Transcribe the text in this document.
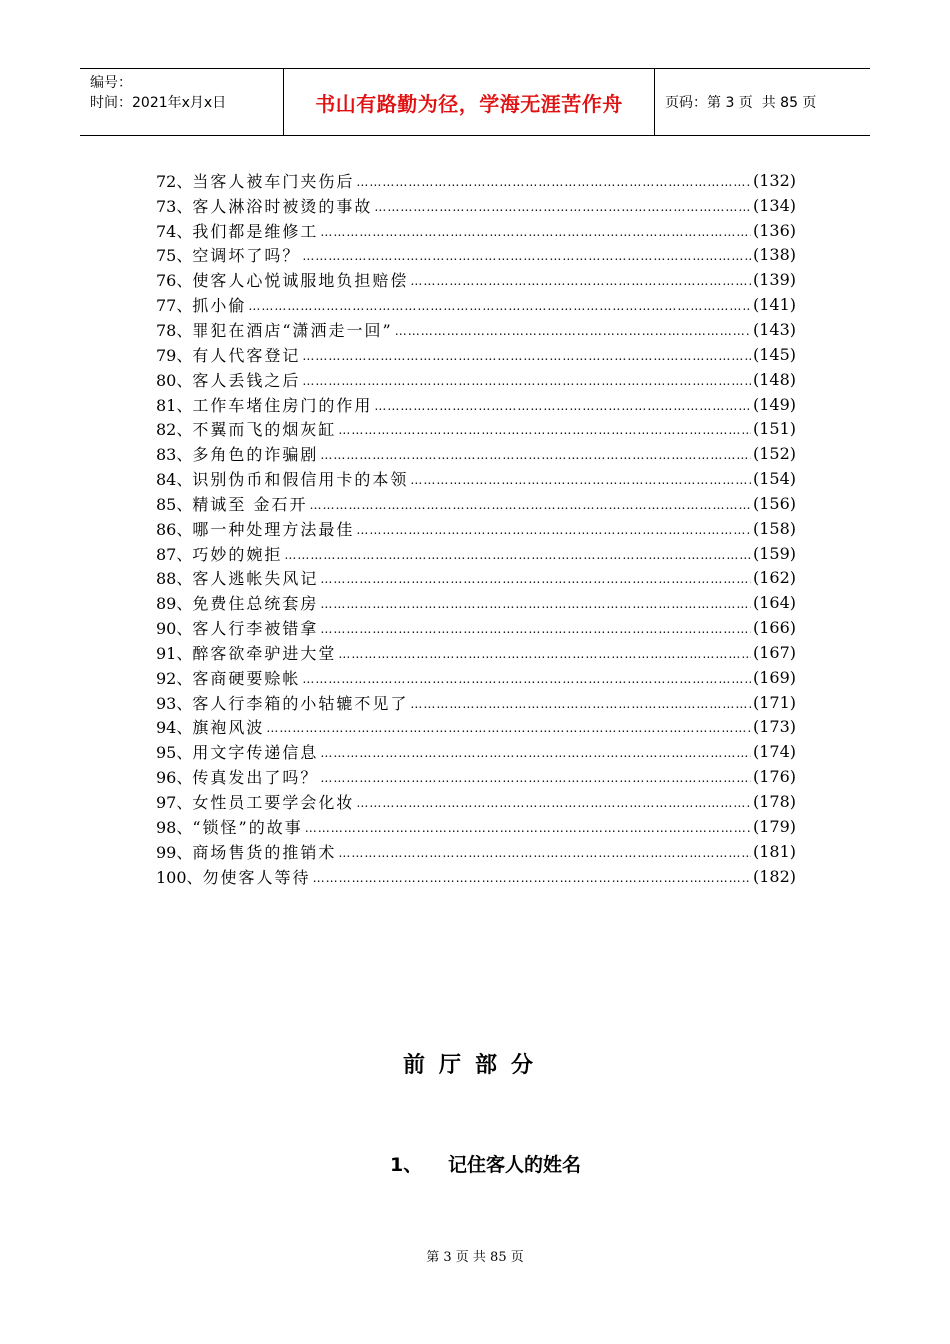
编号：
时间：2021年x月x日	书山有路勤为径，学海无涯苦作舟	页码：第 3 页  共 85 页
72、 当客人被车门夹伤后 …………………………………………………………………………………………………………………………………………………………………	(132)
73、 客人淋浴时被烫的事故 …………………………………………………………………………………………………………………………………………………………………	(134)
74、 我们都是维修工 …………………………………………………………………………………………………………………………………………………………………	(136)
75、 空调坏了吗？ …………………………………………………………………………………………………………………………………………………………………	(138)
76、 使客人心悦诚服地负担赔偿 …………………………………………………………………………………………………………………………………………………………………	(139)
77、 抓小偷 …………………………………………………………………………………………………………………………………………………………………	(141)
78、 罪犯在酒店“潇洒走一回” …………………………………………………………………………………………………………………………………………………………………	(143)
79、 有人代客登记 …………………………………………………………………………………………………………………………………………………………………	(145)
80、 客人丢钱之后 …………………………………………………………………………………………………………………………………………………………………	(148)
81、 工作车堵住房门的作用 …………………………………………………………………………………………………………………………………………………………………	(149)
82、 不翼而飞的烟灰缸 …………………………………………………………………………………………………………………………………………………………………	(151)
83、 多角色的诈骗剧 …………………………………………………………………………………………………………………………………………………………………	(152)
84、 识别伪币和假信用卡的本领 …………………………………………………………………………………………………………………………………………………………………	(154)
85、 精诚至 金石开 …………………………………………………………………………………………………………………………………………………………………	(156)
86、 哪一种处理方法最佳 …………………………………………………………………………………………………………………………………………………………………	(158)
87、 巧妙的婉拒 …………………………………………………………………………………………………………………………………………………………………	(159)
88、 客人逃帐失风记 …………………………………………………………………………………………………………………………………………………………………	(162)
89、 免费住总统套房 …………………………………………………………………………………………………………………………………………………………………	(164)
90、 客人行李被错拿 …………………………………………………………………………………………………………………………………………………………………	(166)
91、 醉客欲牵驴进大堂 …………………………………………………………………………………………………………………………………………………………………	(167)
92、 客商硬要赊帐 …………………………………………………………………………………………………………………………………………………………………	(169)
93、 客人行李箱的小轱辘不见了 …………………………………………………………………………………………………………………………………………………………………	(171)
94、 旗袍风波 …………………………………………………………………………………………………………………………………………………………………	(173)
95、 用文字传递信息 …………………………………………………………………………………………………………………………………………………………………	(174)
96、 传真发出了吗？ …………………………………………………………………………………………………………………………………………………………………	(176)
97、 女性员工要学会化妆 …………………………………………………………………………………………………………………………………………………………………	(178)
98、 “锁怪”的故事 …………………………………………………………………………………………………………………………………………………………………	(179)
99、 商场售货的推销术 …………………………………………………………………………………………………………………………………………………………………	(181)
100、 勿使客人等待 …………………………………………………………………………………………………………………………………………………………………	(182)
前厅部分
1、	记住客人的姓名
第 3 页 共 85 页
